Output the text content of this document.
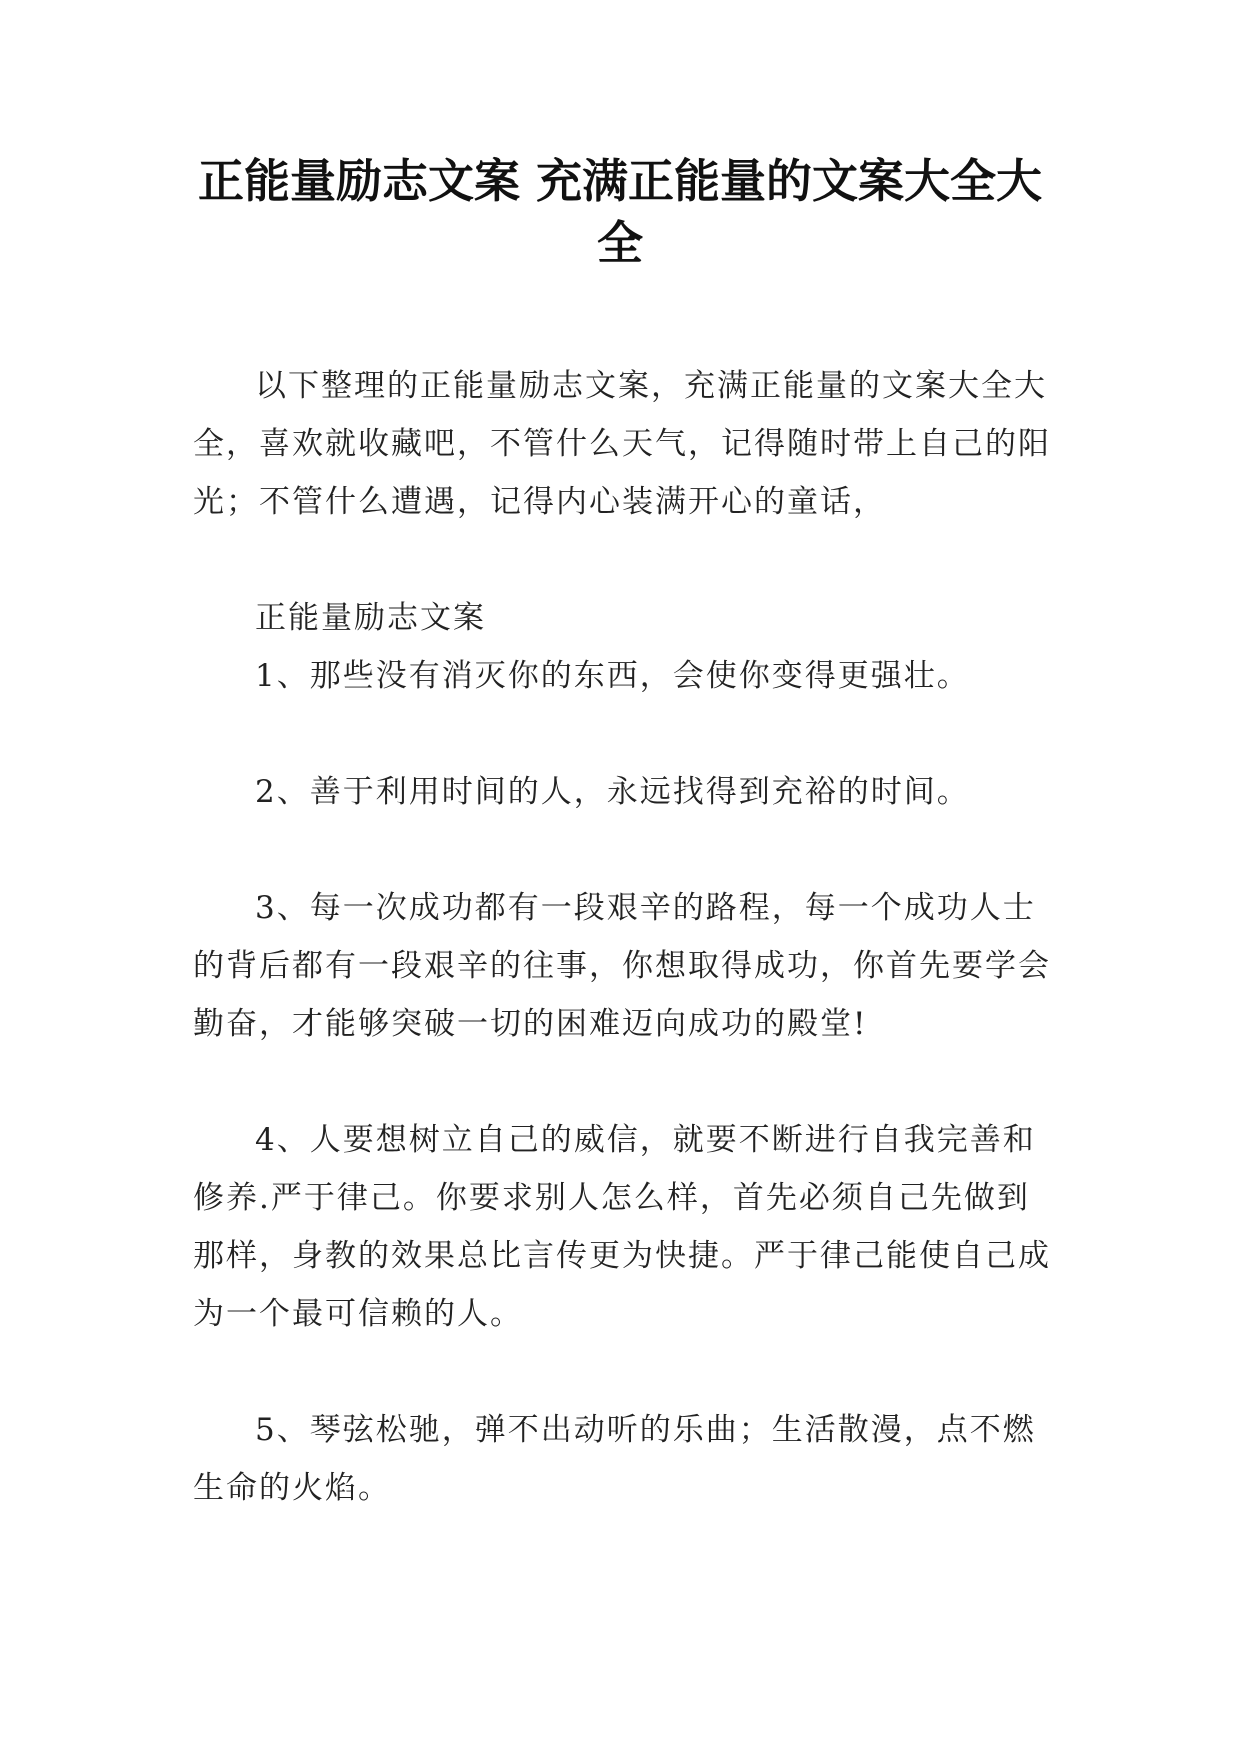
正能量励志文案 充满正能量的文案大全大全

以下整理的正能量励志文案，充满正能量的文案大全大全，喜欢就收藏吧，不管什么天气，记得随时带上自己的阳光；不管什么遭遇，记得内心装满开心的童话，

正能量励志文案

1、那些没有消灭你的东西，会使你变得更强壮。

2、善于利用时间的人，永远找得到充裕的时间。

3、每一次成功都有一段艰辛的路程，每一个成功人士的背后都有一段艰辛的往事，你想取得成功，你首先要学会勤奋，才能够突破一切的困难迈向成功的殿堂!

4、人要想树立自己的威信，就要不断进行自我完善和修养.严于律己。你要求别人怎么样，首先必须自己先做到那样，身教的效果总比言传更为快捷。严于律己能使自己成为一个最可信赖的人。

5、琴弦松驰，弹不出动听的乐曲；生活散漫，点不燃生命的火焰。
